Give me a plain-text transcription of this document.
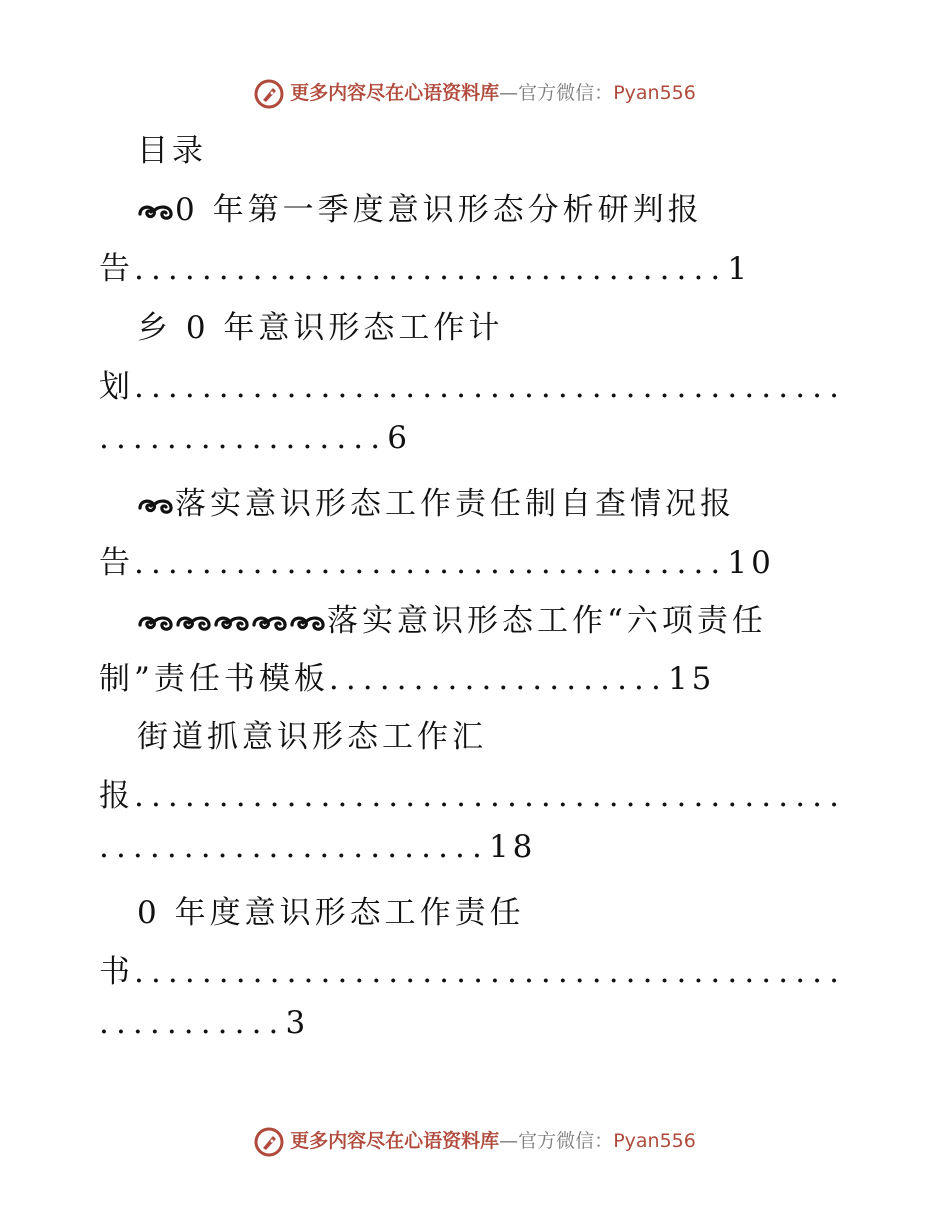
更多内容尽在心语资料库—官方微信：Pyan556
目录
0 年第一季度意识形态分析研判报
告...................................1
乡 0 年意识形态工作计
划..........................................
.................6
落实意识形态工作责任制自查情况报
告...................................10
落实意识形态工作“六项责任
制”责任书模板....................15
街道抓意识形态工作汇
报..........................................
.......................18
0 年度意识形态工作责任
书..........................................
...........3
更多内容尽在心语资料库—官方微信：Pyan556
